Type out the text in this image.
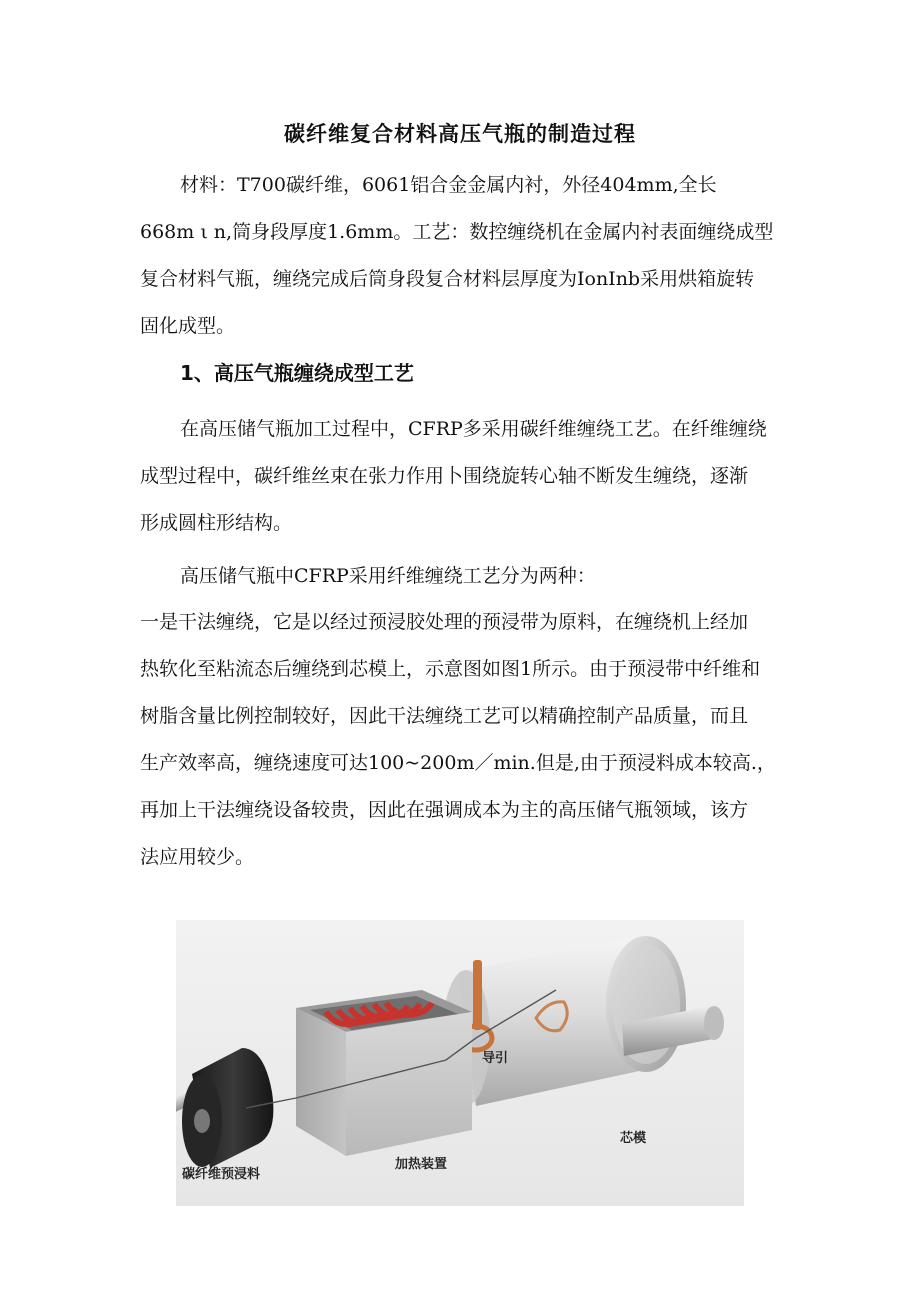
碳纤维复合材料高压气瓶的制造过程
材料：T700碳纤维，6061铝合金金属内衬，外径404mm,全长
668m ι n,筒身段厚度1.6mm。工艺：数控缠绕机在金属内衬表面缠绕成型
复合材料气瓶，缠绕完成后筒身段复合材料层厚度为IonInb采用烘箱旋转
固化成型。
1、高压气瓶缠绕成型工艺
在高压储气瓶加工过程中，CFRP多采用碳纤维缠绕工艺。在纤维缠绕
成型过程中，碳纤维丝束在张力作用卜围绕旋转心轴不断发生缠绕，逐渐
形成圆柱形结构。
高压储气瓶中CFRP采用纤维缠绕工艺分为两种：
一是干法缠绕，它是以经过预浸胶处理的预浸带为原料，在缠绕机上经加
热软化至粘流态后缠绕到芯模上，示意图如图1所示。由于预浸带中纤维和
树脂含量比例控制较好，因此干法缠绕工艺可以精确控制产品质量，而且
生产效率高，缠绕速度可达100~200m／min.但是,由于预浸料成本较高.，
再加上干法缠绕设备较贵，因此在强调成本为主的高压储气瓶领域，该方
法应用较少。
碳纤维预浸料
加热装置
导引
芯模
